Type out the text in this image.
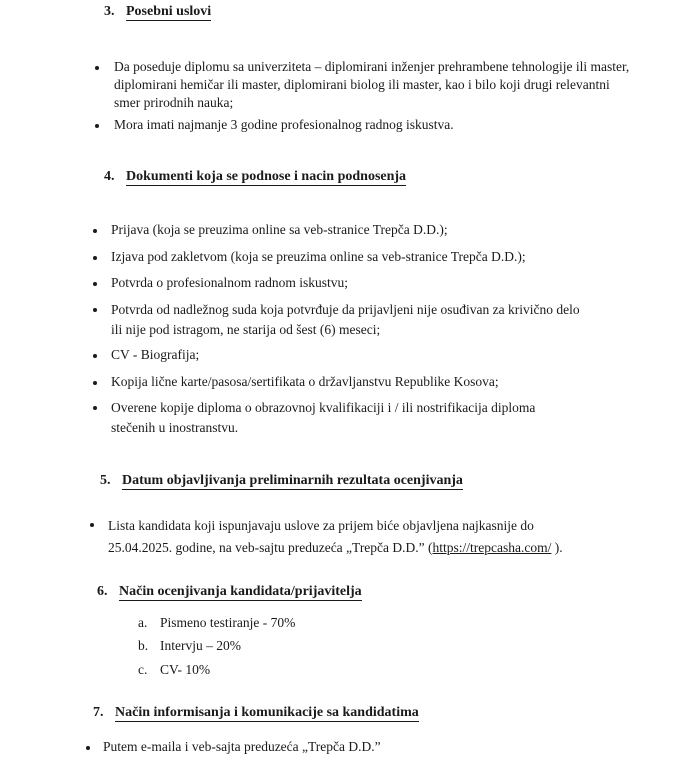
3. Posebni uslovi
Da poseduje diplomu sa univerziteta – diplomirani inženjer prehrambene tehnologije ili master, diplomirani hemičar ili master, diplomirani biolog ili master, kao i bilo koji drugi relevantni smer prirodnih nauka;
Mora imati najmanje 3 godine profesionalnog radnog iskustva.
4. Dokumenti koja se podnose i nacin podnosenja
Prijava (koja se preuzima online sa veb-stranice Trepča D.D.);
Izjava pod zakletvom (koja se preuzima online sa veb-stranice Trepča D.D.);
Potvrda o profesionalnom radnom iskustvu;
Potvrda od nadležnog suda koja potvrđuje da prijavljeni nije osuđivan za krivično delo ili nije pod istragom, ne starija od šest (6) meseci;
CV - Biografija;
Kopija lične karte/pasosa/sertifikata o državljanstvu Republike Kosova;
Overene kopije diploma o obrazovnoj kvalifikaciji i / ili nostrifikacija diploma stečenih u inostranstvu.
5. Datum objavljivanja preliminarnih rezultata ocenjivanja
Lista kandidata koji ispunjavaju uslove za prijem biće objavljena najkasnije do 25.04.2025. godine, na veb-sajtu preduzeća „Trepča D.D.” (https://trepcasha.com/ ).
6. Način ocenjivanja kandidata/prijavitelja
a. Pismeno testiranje - 70%
b. Intervju – 20%
c. CV- 10%
7. Način informisanja i komunikacije sa kandidatima
Putem e-maila i veb-sajta preduzeća „Trepča D.D.”
